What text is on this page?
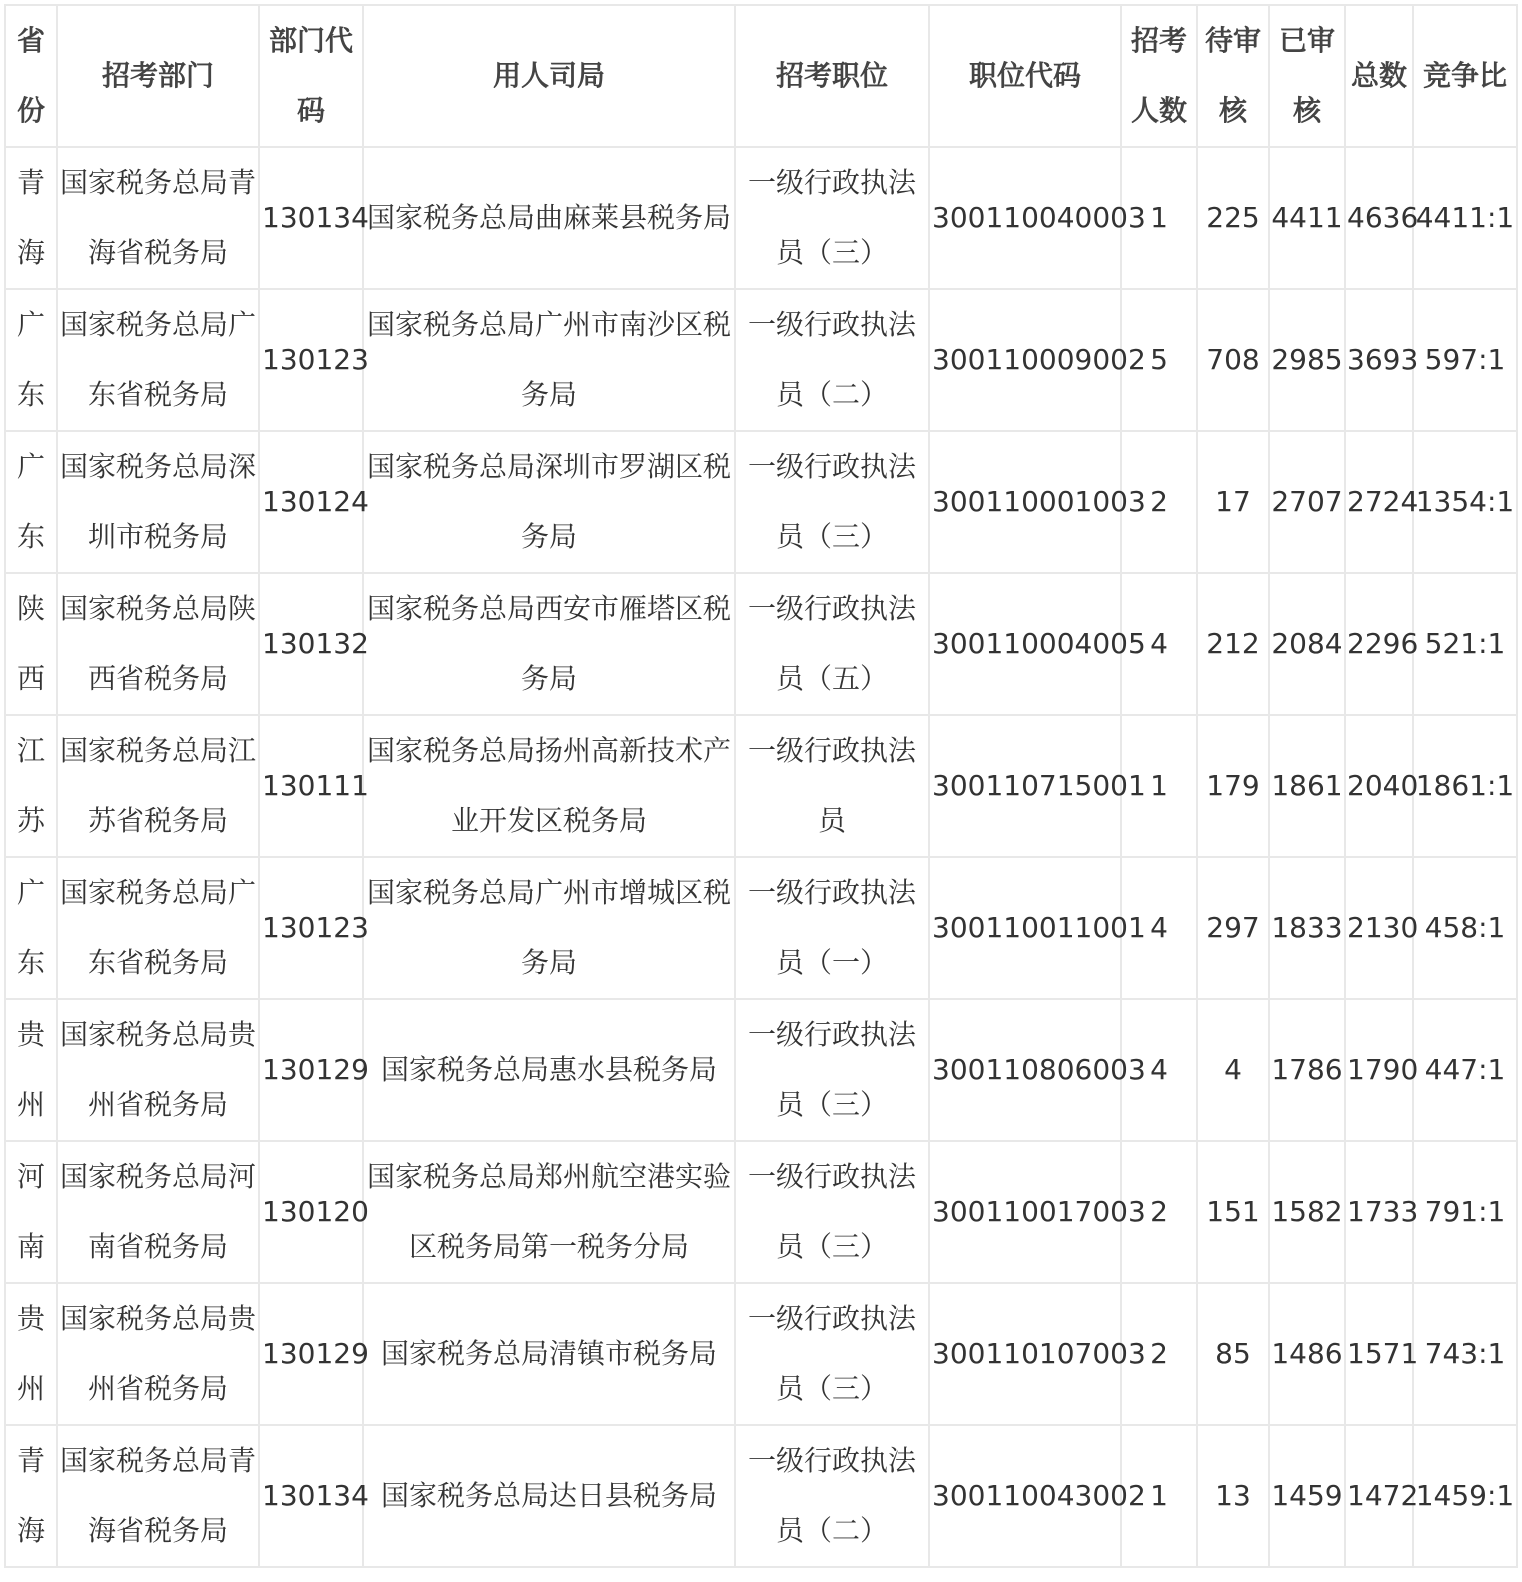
省份	招考部门	部门代码	用人司局	招考职位	职位代码	招考人数	待审核	已审核	总数	竞争比
青海	国家税务总局青海省税务局	130134	国家税务总局曲麻莱县税务局	一级行政执法员（三）	300110040003	1	225	4411	4636	4411:1
广东	国家税务总局广东省税务局	130123	国家税务总局广州市南沙区税务局	一级行政执法员（二）	300110009002	5	708	2985	3693	597:1
广东	国家税务总局深圳市税务局	130124	国家税务总局深圳市罗湖区税务局	一级行政执法员（三）	300110001003	2	17	2707	2724	1354:1
陕西	国家税务总局陕西省税务局	130132	国家税务总局西安市雁塔区税务局	一级行政执法员（五）	300110004005	4	212	2084	2296	521:1
江苏	国家税务总局江苏省税务局	130111	国家税务总局扬州高新技术产业开发区税务局	一级行政执法员	300110715001	1	179	1861	2040	1861:1
广东	国家税务总局广东省税务局	130123	国家税务总局广州市增城区税务局	一级行政执法员（一）	300110011001	4	297	1833	2130	458:1
贵州	国家税务总局贵州省税务局	130129	国家税务总局惠水县税务局	一级行政执法员（三）	300110806003	4	4	1786	1790	447:1
河南	国家税务总局河南省税务局	130120	国家税务总局郑州航空港实验区税务局第一税务分局	一级行政执法员（三）	300110017003	2	151	1582	1733	791:1
贵州	国家税务总局贵州省税务局	130129	国家税务总局清镇市税务局	一级行政执法员（三）	300110107003	2	85	1486	1571	743:1
青海	国家税务总局青海省税务局	130134	国家税务总局达日县税务局	一级行政执法员（二）	300110043002	1	13	1459	1472	1459:1
